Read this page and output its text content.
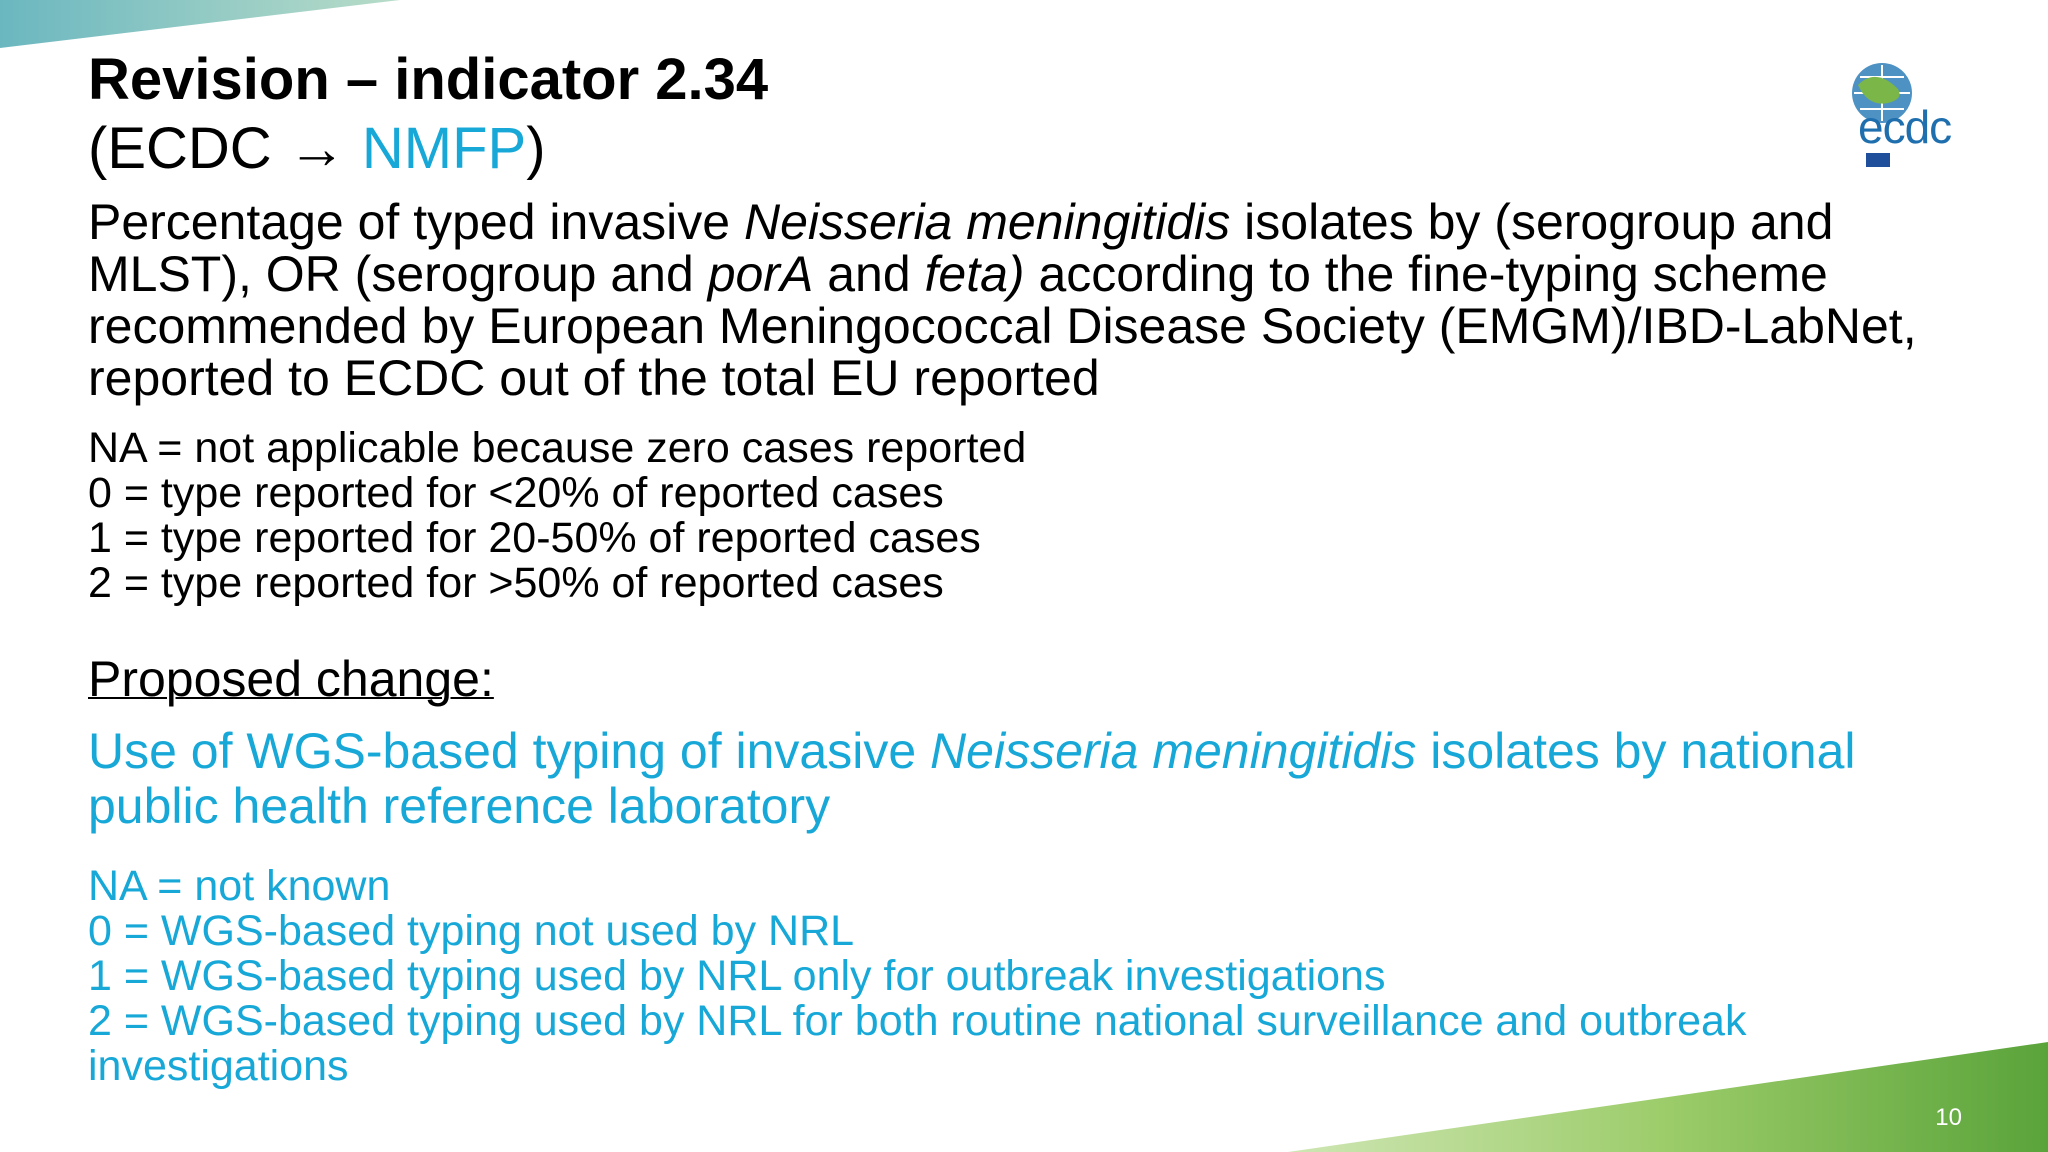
ecdc
Revision – indicator 2.34
(ECDC → NMFP)
Percentage of typed invasive Neisseria meningitidis isolates by (serogroup and MLST), OR (serogroup and porA and feta) according to the fine-typing scheme recommended by European Meningococcal Disease Society (EMGM)/IBD-LabNet, reported to ECDC out of the total EU reported
NA = not applicable because zero cases reported
0 = type reported for <20% of reported cases
1 = type reported for 20-50% of reported cases
2 = type reported for >50% of reported cases
Proposed change:
Use of WGS-based typing of invasive Neisseria meningitidis isolates by national public health reference laboratory
NA = not known
0 = WGS-based typing not used by NRL
1 = WGS-based typing used by NRL only for outbreak investigations
2 = WGS-based typing used by NRL for both routine national surveillance and outbreak investigations
10
